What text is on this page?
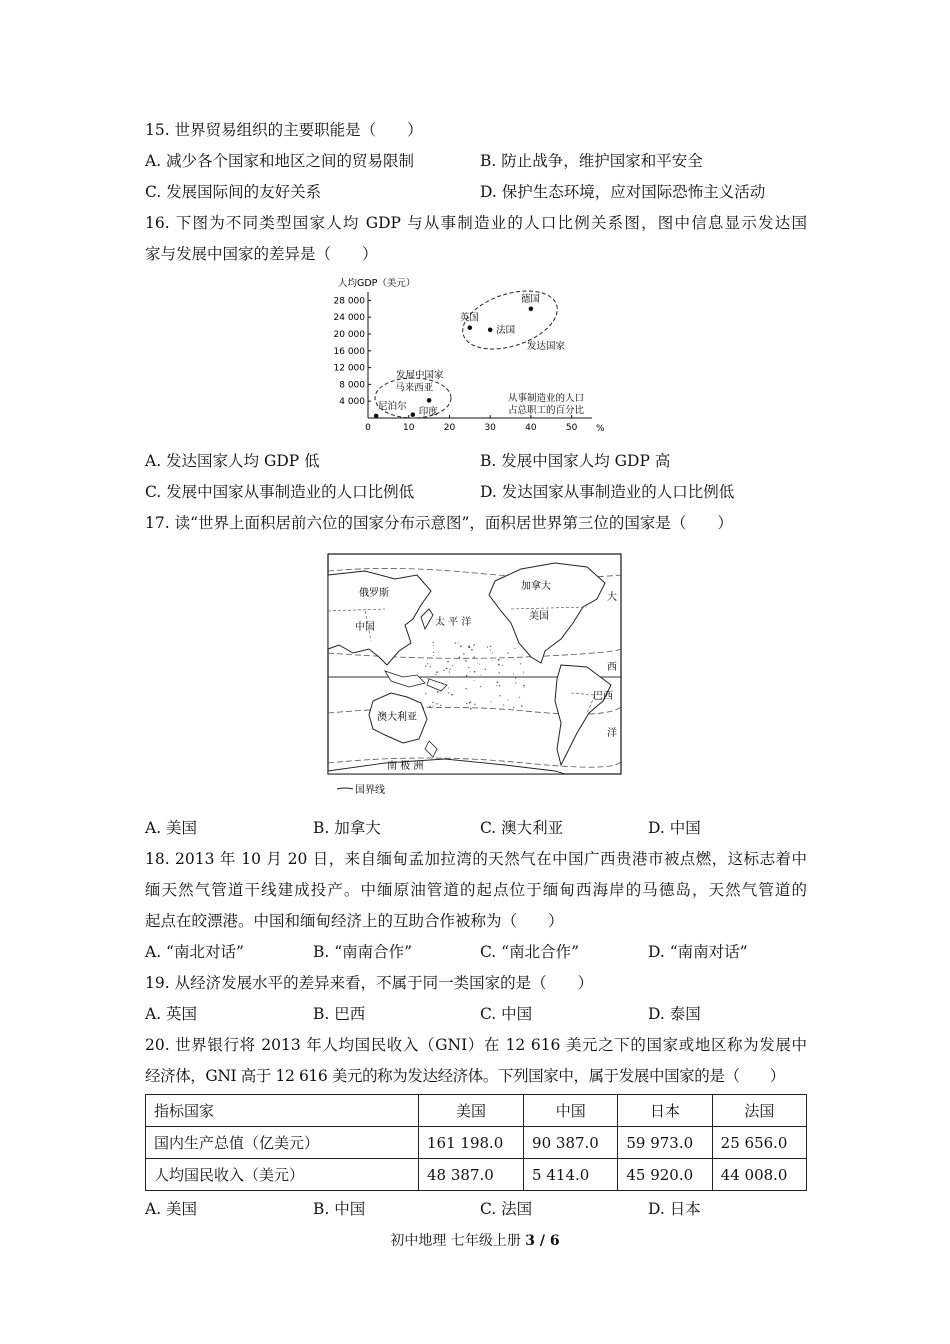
15. 世界贸易组织的主要职能是（　　）
A. 减少各个国家和地区之间的贸易限制	B. 防止战争，维护国家和平安全
C. 发展国际间的友好关系	D. 保护生态环境，应对国际恐怖主义活动
16. 下图为不同类型国家人均 GDP 与从事制造业的人口比例关系图，图中信息显示发达国
家与发展中国家的差异是（　　）
人均GDP（美元）
4 000
8 000
12 000
16 000
20 000
24 000
28 000
0	10	20	30	40	50
德国
英国
法国
马来西亚
尼泊尔
印度
发达国家
发展中国家
从事制造业的人口
占总职工的百分比
%
A. 发达国家人均 GDP 低	B. 发展中国家人均 GDP 高
C. 发展中国家从事制造业的人口比例低	D. 发达国家从事制造业的人口比例低
17. 读“世界上面积居前六位的国家分布示意图”，面积居世界第三位的国家是（　　）
俄罗斯
中国	太 平 洋
加拿大
美国
巴西
澳大利亚
南 极 洲
大
西
洋
国界线
A. 美国	B. 加拿大	C. 澳大利亚	D. 中国
18. 2013 年 10 月 20 日，来自缅甸孟加拉湾的天然气在中国广西贵港市被点燃，这标志着中
缅天然气管道干线建成投产。中缅原油管道的起点位于缅甸西海岸的马德岛，天然气管道的
起点在皎漂港。中国和缅甸经济上的互助合作被称为（　　）
A. “南北对话”	B. “南南合作”	C. “南北合作”	D. “南南对话”
19. 从经济发展水平的差异来看，不属于同一类国家的是（　　）
A. 英国	B. 巴西	C. 中国	D. 泰国
20. 世界银行将 2013 年人均国民收入（GNI）在 12 616 美元之下的国家或地区称为发展中
经济体，GNI 高于 12 616 美元的称为发达经济体。下列国家中，属于发展中国家的是（　　）
指标国家	美国	中国	日本	法国
国内生产总值（亿美元）	161 198.0	90 387.0	59 973.0	25 656.0
人均国民收入（美元）	48 387.0	5 414.0	45 920.0	44 008.0
A. 美国	B. 中国	C. 法国	D. 日本
初中地理 七年级上册 3 / 6
